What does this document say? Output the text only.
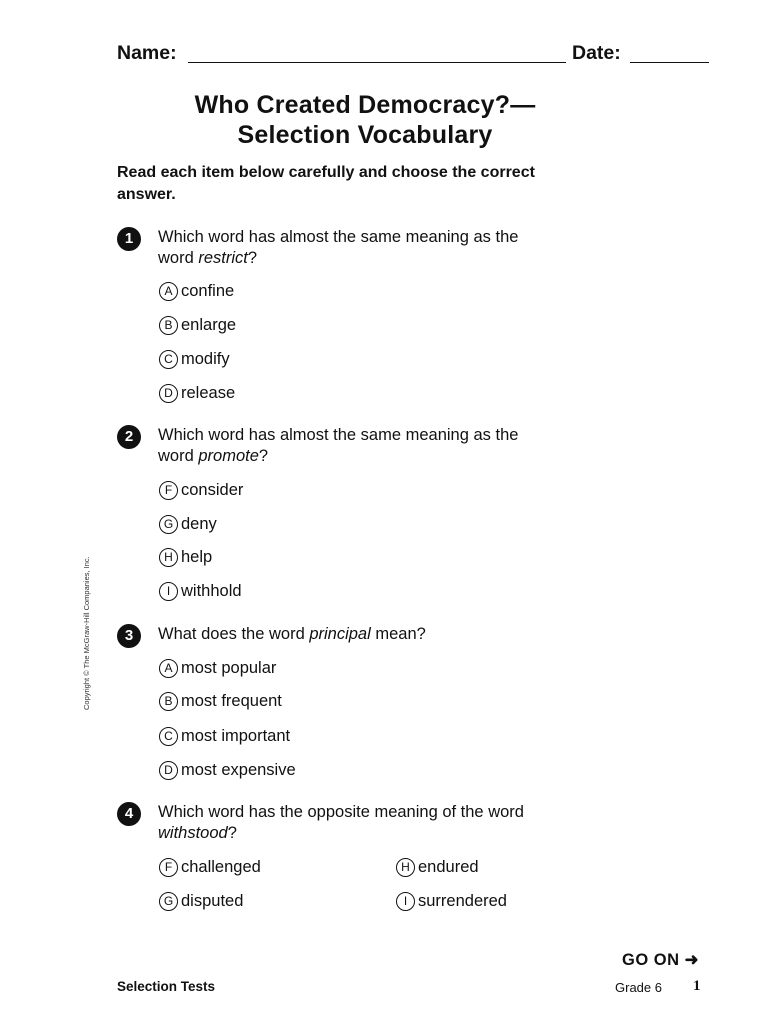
Name:	Date:
Who Created Democracy?—
Selection Vocabulary
Read each item below carefully and choose the correct answer.
1	Which word has almost the same meaning as the word restrict?
A confine
B enlarge
C modify
D release
2	Which word has almost the same meaning as the word promote?
F consider
G deny
H help
I withhold
3	What does the word principal mean?
A most popular
B most frequent
C most important
D most expensive
4	Which word has the opposite meaning of the word withstood?
F challenged
G disputed
H endured
I surrendered
Copyright © The McGraw-Hill Companies, Inc.
GO ON ➜
Selection Tests	Grade 6 1
